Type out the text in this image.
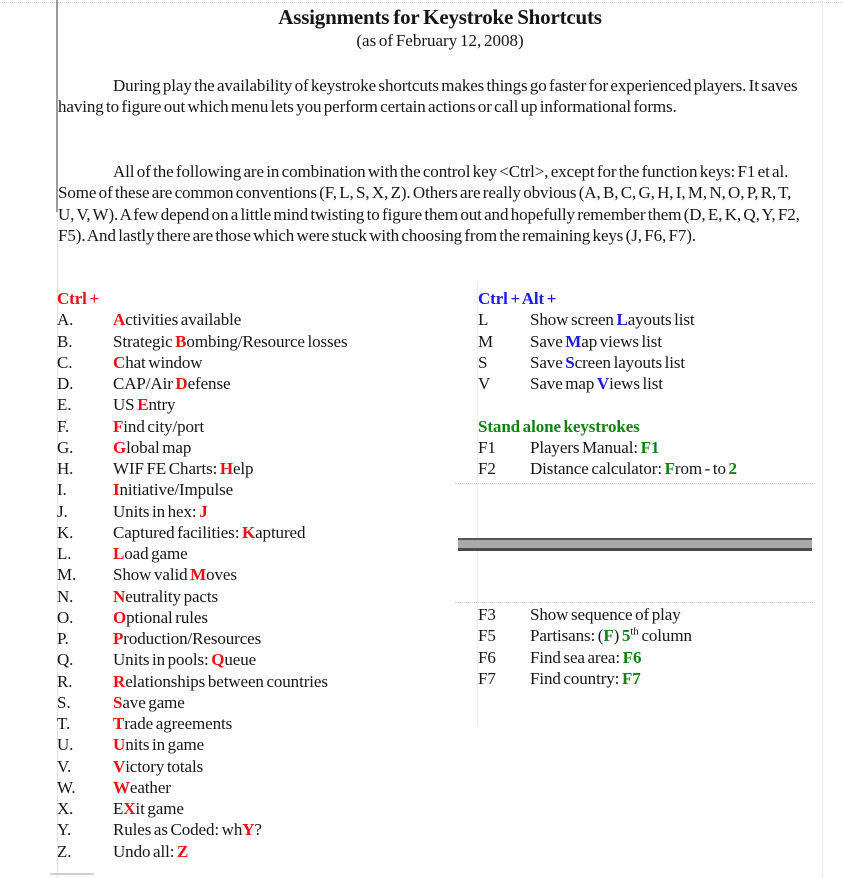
Assignments for Keystroke Shortcuts
(as of February 12, 2008)

During play the availability of keystroke shortcuts makes things go faster for experienced players. It saves having to figure out which menu lets you perform certain actions or call up informational forms.

All of the following are in combination with the control key <Ctrl>, except for the function keys: F1 et al. Some of these are common conventions (F, L, S, X, Z). Others are really obvious (A, B, C, G, H, I, M, N, O, P, R, T, U, V, W). A few depend on a little mind twisting to figure them out and hopefully remember them (D, E, K, Q, Y, F2, F5). And lastly there are those which were stuck with choosing from the remaining keys (J, F6, F7).

Ctrl +
A.	Activities available
B.	Strategic Bombing/Resource losses
C.	Chat window
D.	CAP/Air Defense
E.	US Entry
F.	Find city/port
G.	Global map
H.	WIF FE Charts: Help
I.	Initiative/Impulse
J.	Units in hex: J
K.	Captured facilities: Kaptured
L.	Load game
M.	Show valid Moves
N.	Neutrality pacts
O.	Optional rules
P.	Production/Resources
Q.	Units in pools: Queue
R.	Relationships between countries
S.	Save game
T.	Trade agreements
U.	Units in game
V.	Victory totals
W.	Weather
X.	EXit game
Y.	Rules as Coded: whY?
Z.	Undo all: Z
Ctrl + Alt +
L	Show screen Layouts list
M	Save Map views list
S	Save Screen layouts list
V	Save map Views list
Stand alone keystrokes
F1	Players Manual: F1
F2	Distance calculator: From - to 2
F3	Show sequence of play
F5	Partisans: (F) 5th column
F6	Find sea area: F6
F7	Find country: F7
